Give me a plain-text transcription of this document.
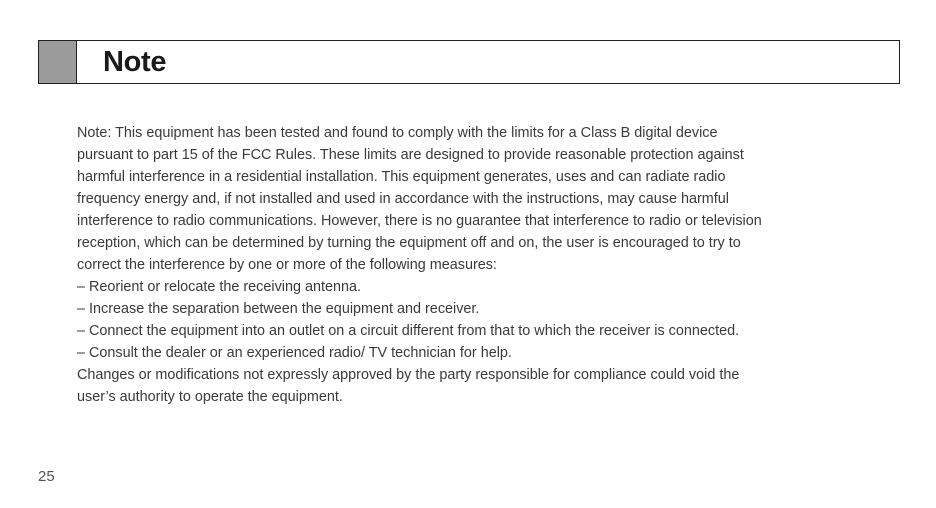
Note

Note: This equipment has been tested and found to comply with the limits for a Class B digital device

pursuant to part 15 of the FCC Rules. These limits are designed to provide reasonable protection against

harmful interference in a residential installation. This equipment generates, uses and can radiate radio

frequency energy and, if not installed and used in accordance with the instructions, may cause harmful

interference to radio communications. However, there is no guarantee that interference to radio or television

reception, which can be determined by turning the equipment off and on, the user is encouraged to try to

correct the interference by one or more of the following measures:

– Reorient or relocate the receiving antenna.

– Increase the separation between the equipment and receiver.

– Connect the equipment into an outlet on a circuit different from that to which the receiver is connected.

– Consult the dealer or an experienced radio/ TV technician for help.

Changes or modifications not expressly approved by the party responsible for compliance could void the

user’s authority to operate the equipment.

25
